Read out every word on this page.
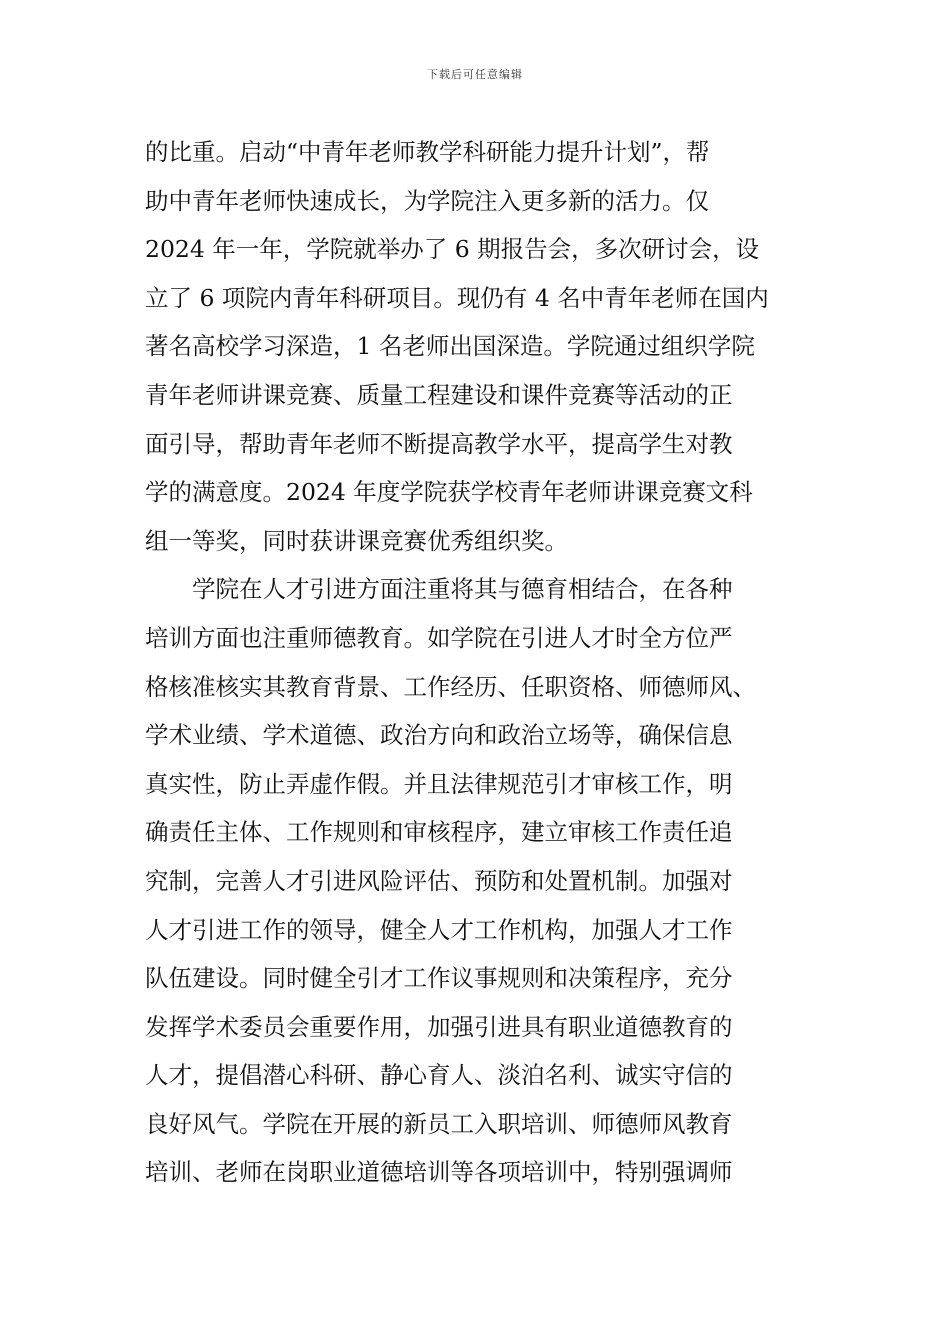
下载后可任意编辑
的比重。启动“中青年老师教学科研能力提升计划”，帮
助中青年老师快速成长，为学院注入更多新的活力。仅
2024 年一年，学院就举办了 6 期报告会，多次研讨会，设
立了 6 项院内青年科研项目。现仍有 4 名中青年老师在国内
著名高校学习深造，1 名老师出国深造。学院通过组织学院
青年老师讲课竞赛、质量工程建设和课件竞赛等活动的正
面引导，帮助青年老师不断提高教学水平，提高学生对教
学的满意度。2024 年度学院获学校青年老师讲课竞赛文科
组一等奖，同时获讲课竞赛优秀组织奖。
　　学院在人才引进方面注重将其与德育相结合，在各种
培训方面也注重师德教育。如学院在引进人才时全方位严
格核准核实其教育背景、工作经历、任职资格、师德师风、
学术业绩、学术道德、政治方向和政治立场等，确保信息
真实性，防止弄虚作假。并且法律规范引才审核工作，明
确责任主体、工作规则和审核程序，建立审核工作责任追
究制，完善人才引进风险评估、预防和处置机制。加强对
人才引进工作的领导，健全人才工作机构，加强人才工作
队伍建设。同时健全引才工作议事规则和决策程序，充分
发挥学术委员会重要作用，加强引进具有职业道德教育的
人才，提倡潜心科研、静心育人、淡泊名利、诚实守信的
良好风气。学院在开展的新员工入职培训、师德师风教育
培训、老师在岗职业道德培训等各项培训中，特别强调师
